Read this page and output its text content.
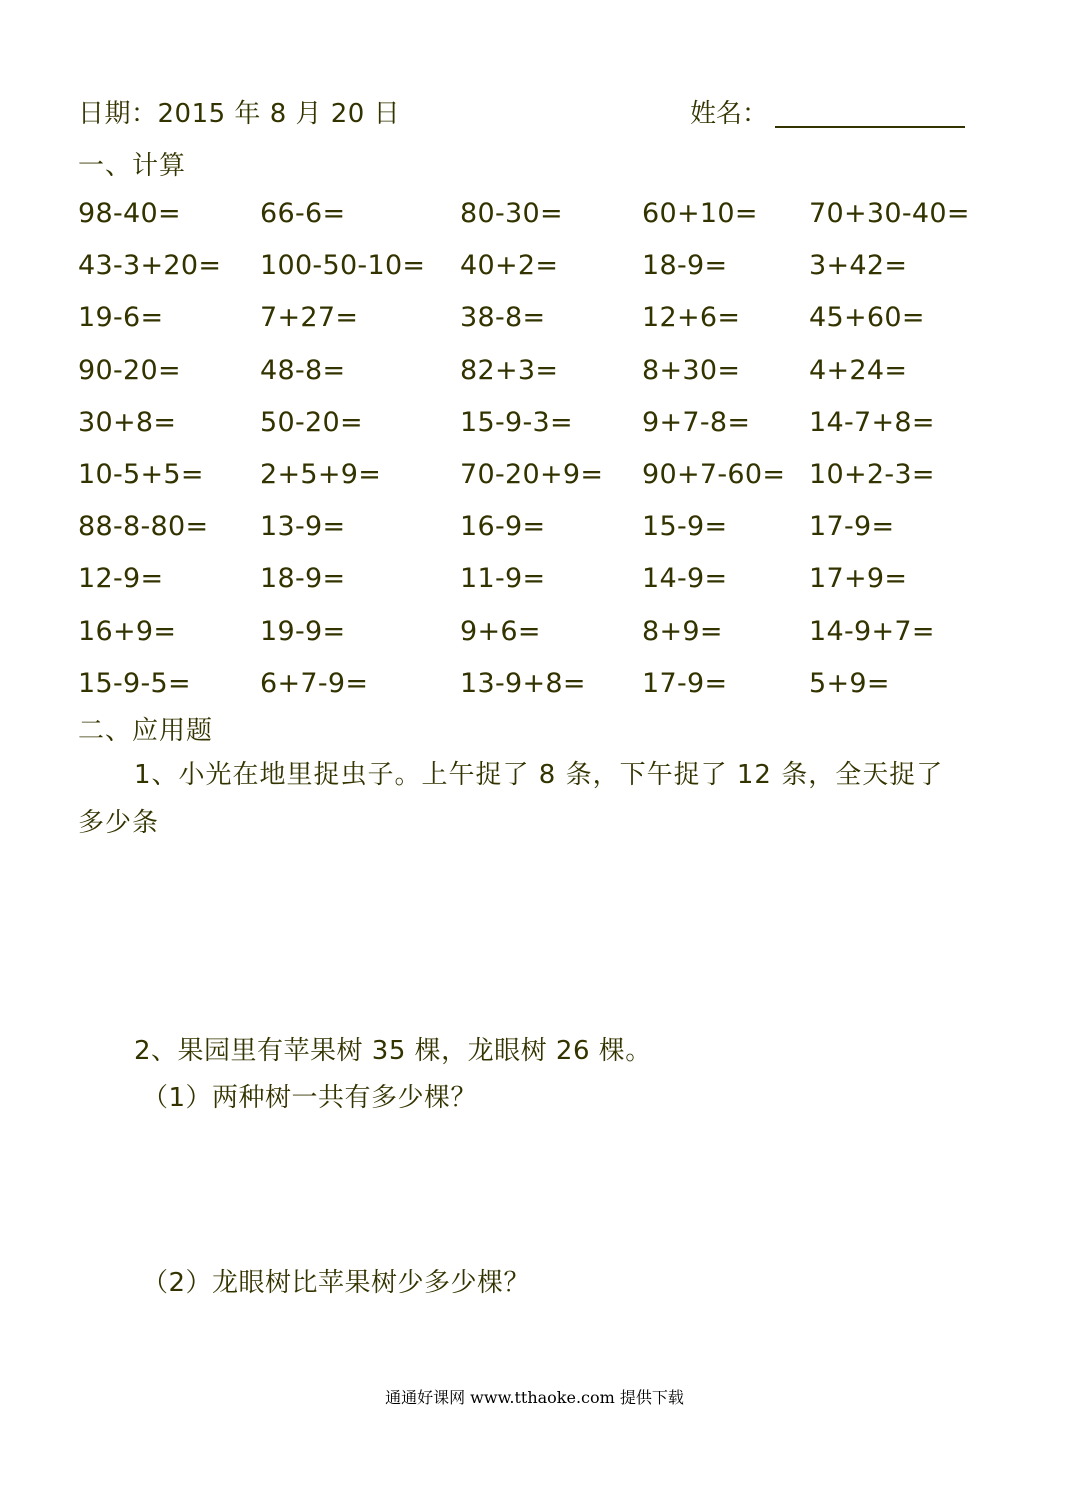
日期：2015 年 8 月 20 日	姓名：
一、计算
98-40=	66-6=	80-30=	60+10=	70+30-40=
43-3+20=	100-50-10=	40+2=	18-9=	3+42=
19-6=	7+27=	38-8=	12+6=	45+60=
90-20=	48-8=	82+3=	8+30=	4+24=
30+8=	50-20=	15-9-3=	9+7-8=	14-7+8=
10-5+5=	2+5+9=	70-20+9=	90+7-60= 10+2-3=
88-8-80=	13-9=	16-9=	15-9=	17-9=
12-9=	18-9=	11-9=	14-9=	17+9=
16+9=	19-9=	9+6=	8+9=	14-9+7=
15-9-5=	6+7-9=	13-9+8=	17-9=	5+9=
二、应用题
1、小光在地里捉虫子。上午捉了 8 条，下午捉了 12 条，全天捉了
多少条
2、果园里有苹果树 35 棵，龙眼树 26 棵。
（1）两种树一共有多少棵？
（2）龙眼树比苹果树少多少棵？
通通好课网 www.tthaoke.com 提供下载
